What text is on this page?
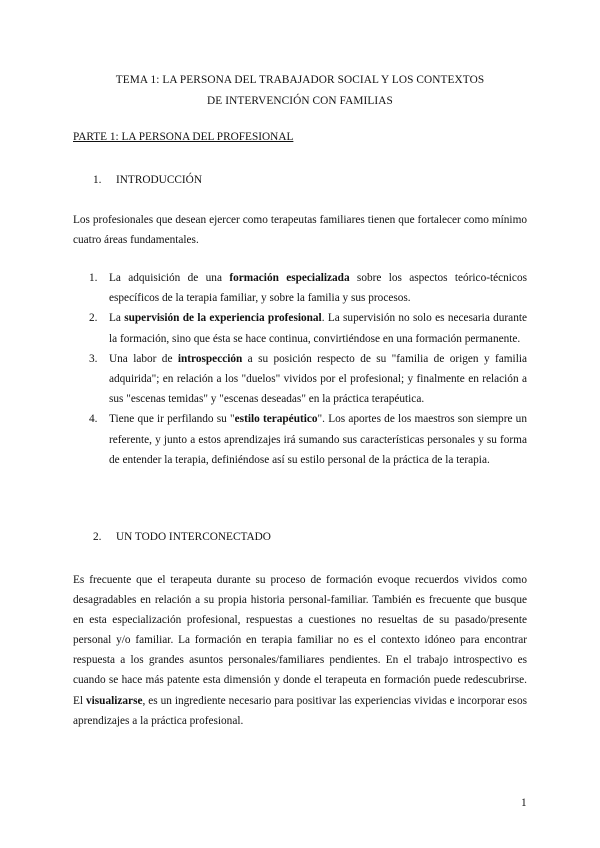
TEMA 1: LA PERSONA DEL TRABAJADOR SOCIAL Y LOS CONTEXTOS
DE INTERVENCIÓN CON FAMILIAS
PARTE 1: LA PERSONA DEL PROFESIONAL
1. INTRODUCCIÓN
Los profesionales que desean ejercer como terapeutas familiares tienen que fortalecer como mínimo cuatro áreas fundamentales.
1. La adquisición de una formación especializada sobre los aspectos teórico-técnicos específicos de la terapia familiar, y sobre la familia y sus procesos.
2. La supervisión de la experiencia profesional. La supervisión no solo es necesaria durante la formación, sino que ésta se hace continua, convirtiéndose en una formación permanente.
3. Una labor de introspección a su posición respecto de su "familia de origen y familia adquirida"; en relación a los "duelos" vividos por el profesional; y finalmente en relación a sus "escenas temidas" y "escenas deseadas" en la práctica terapéutica.
4. Tiene que ir perfilando su "estilo terapéutico". Los aportes de los maestros son siempre un referente, y junto a estos aprendizajes irá sumando sus características personales y su forma de entender la terapia, definiéndose así su estilo personal de la práctica de la terapia.
2. UN TODO INTERCONECTADO
Es frecuente que el terapeuta durante su proceso de formación evoque recuerdos vividos como desagradables en relación a su propia historia personal-familiar. También es frecuente que busque en esta especialización profesional, respuestas a cuestiones no resueltas de su pasado/presente personal y/o familiar. La formación en terapia familiar no es el contexto idóneo para encontrar respuesta a los grandes asuntos personales/familiares pendientes. En el trabajo introspectivo es cuando se hace más patente esta dimensión y donde el terapeuta en formación puede redescubrirse. El visualizarse, es un ingrediente necesario para positivar las experiencias vividas e incorporar esos aprendizajes a la práctica profesional.
1
